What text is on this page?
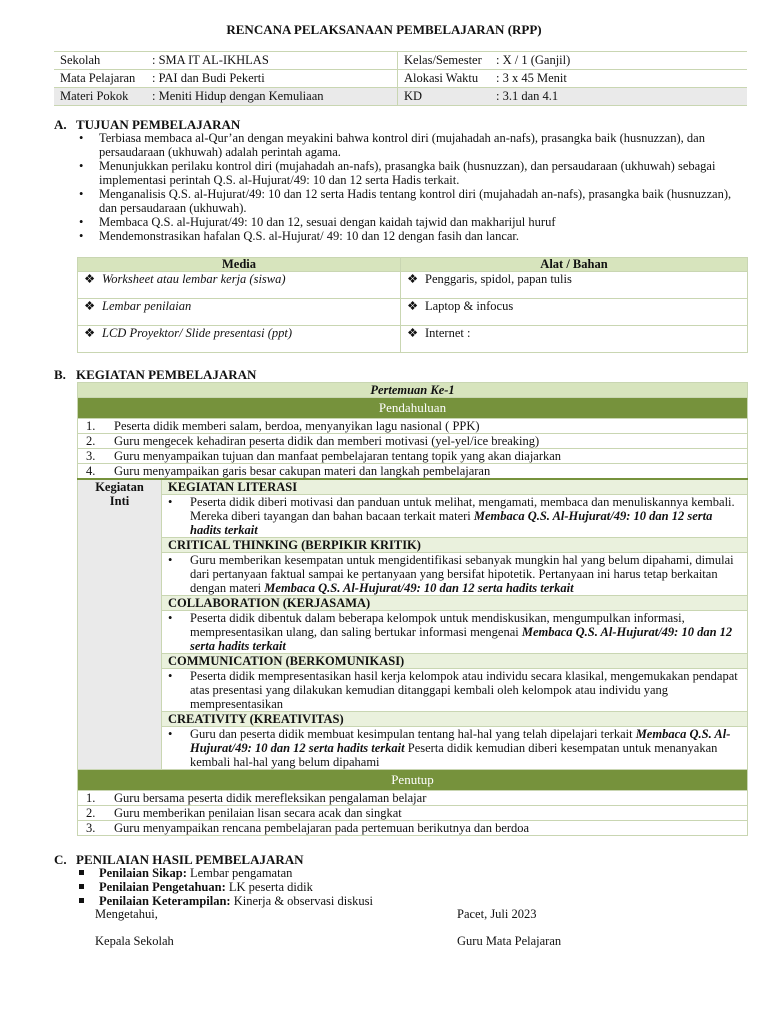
RENCANA PELAKSANAAN PEMBELAJARAN (RPP)
Sekolah : SMA IT AL-IKHLAS	Kelas/Semester : X / 1 (Ganjil)
Mata Pelajaran : PAI dan Budi Pekerti	Alokasi Waktu : 3 x 45 Menit
Materi Pokok : Meniti Hidup dengan Kemuliaan	KD : 3.1 dan 4.1
A. TUJUAN PEMBELAJARAN
• Terbiasa membaca al-Qur’an dengan meyakini bahwa kontrol diri (mujahadah an-nafs), prasangka baik (husnuzzan), dan persaudaraan (ukhuwah) adalah perintah agama.
• Menunjukkan perilaku kontrol diri (mujahadah an-nafs), prasangka baik (husnuzzan), dan persaudaraan (ukhuwah) sebagai implementasi perintah Q.S. al-Hujurat/49: 10 dan 12 serta Hadis terkait.
• Menganalisis Q.S. al-Hujurat/49: 10 dan 12 serta Hadis tentang kontrol diri (mujahadah an-nafs), prasangka baik (husnuzzan), dan persaudaraan (ukhuwah).
• Membaca Q.S. al-Hujurat/49: 10 dan 12, sesuai dengan kaidah tajwid dan makharijul huruf
• Mendemonstrasikan hafalan Q.S. al-Hujurat/ 49: 10 dan 12 dengan fasih dan lancar.
Media	Alat / Bahan
❖ Worksheet atau lembar kerja (siswa)	❖ Penggaris, spidol, papan tulis
❖ Lembar penilaian	❖ Laptop & infocus
❖ LCD Proyektor/ Slide presentasi (ppt)	❖ Internet :
B. KEGIATAN PEMBELAJARAN
Pertemuan Ke-1
Pendahuluan
1. Peserta didik memberi salam, berdoa, menyanyikan lagu nasional ( PPK)
2. Guru mengecek kehadiran peserta didik dan memberi motivasi (yel-yel/ice breaking)
3. Guru menyampaikan tujuan dan manfaat pembelajaran tentang topik yang akan diajarkan
4. Guru menyampaikan garis besar cakupan materi dan langkah pembelajaran
Kegiatan
Inti	KEGIATAN LITERASI

• Peserta didik diberi motivasi dan panduan untuk melihat, mengamati, membaca dan menuliskannya kembali. Mereka diberi tayangan dan bahan bacaan terkait materi Membaca Q.S. Al-Hujurat/49: 10 dan 12 serta hadits terkait
CRITICAL THINKING (BERPIKIR KRITIK)

• Guru memberikan kesempatan untuk mengidentifikasi sebanyak mungkin hal yang belum dipahami, dimulai dari pertanyaan faktual sampai ke pertanyaan yang bersifat hipotetik. Pertanyaan ini harus tetap berkaitan dengan materi Membaca Q.S. Al-Hujurat/49: 10 dan 12 serta hadits terkait
COLLABORATION (KERJASAMA)

• Peserta didik dibentuk dalam beberapa kelompok untuk mendiskusikan, mengumpulkan informasi, mempresentasikan ulang, dan saling bertukar informasi mengenai Membaca Q.S. Al-Hujurat/49: 10 dan 12 serta hadits terkait
COMMUNICATION (BERKOMUNIKASI)

• Peserta didik mempresentasikan hasil kerja kelompok atau individu secara klasikal, mengemukakan pendapat atas presentasi yang dilakukan kemudian ditanggapi kembali oleh kelompok atau individu yang mempresentasikan
CREATIVITY (KREATIVITAS)

• Guru dan peserta didik membuat kesimpulan tentang hal-hal yang telah dipelajari terkait Membaca Q.S. Al-Hujurat/49: 10 dan 12 serta hadits terkait Peserta didik kemudian diberi kesempatan untuk menanyakan kembali hal-hal yang belum dipahami
Penutup
1. Guru bersama peserta didik merefleksikan pengalaman belajar
2. Guru memberikan penilaian lisan secara acak dan singkat
3. Guru menyampaikan rencana pembelajaran pada pertemuan berikutnya dan berdoa
C. PENILAIAN HASIL PEMBELAJARAN
Penilaian Sikap: Lembar pengamatan
Penilaian Pengetahuan: LK peserta didik
Penilaian Keterampilan: Kinerja & observasi diskusi
Mengetahui,
Kepala Sekolah
Pacet, Juli 2023
Guru Mata Pelajaran
